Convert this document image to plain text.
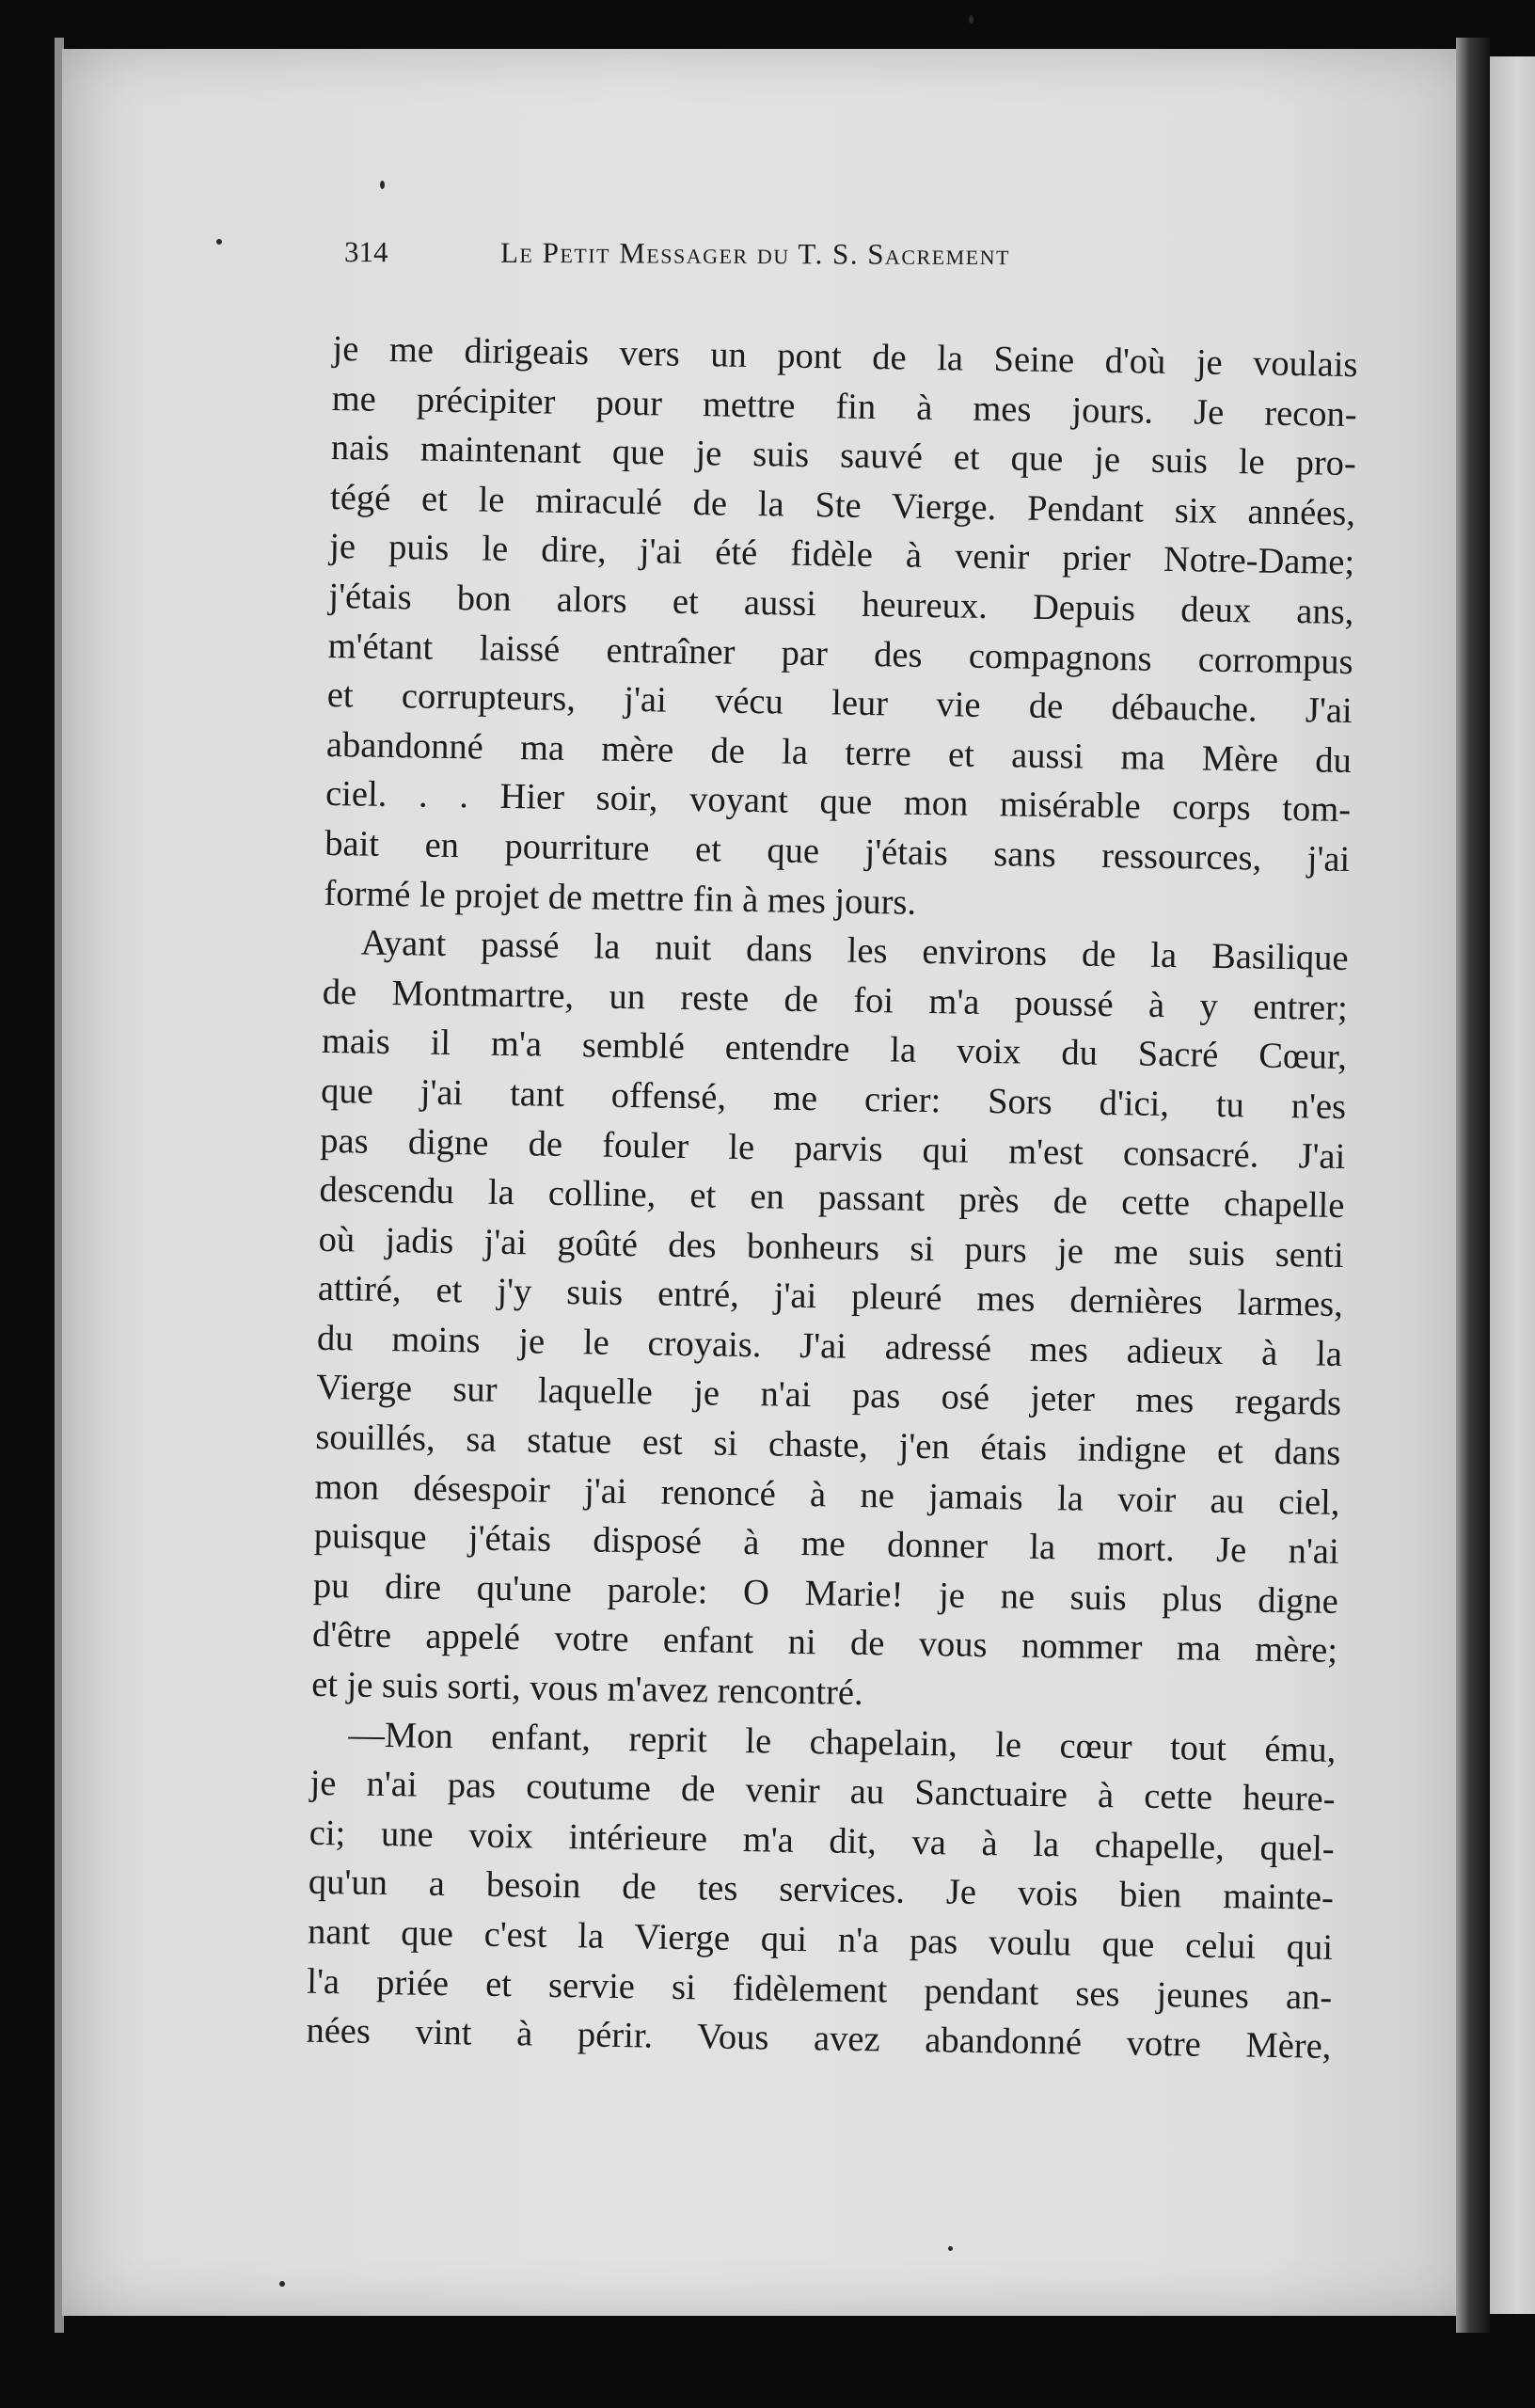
314	Le Petit Messager du T. S. Sacrement
je me dirigeais vers un pont de la Seine d'où je voulais
me précipiter pour mettre fin à mes jours. Je recon-
nais maintenant que je suis sauvé et que je suis le pro-
tégé et le miraculé de la Ste Vierge. Pendant six années,
je puis le dire, j'ai été fidèle à venir prier Notre-Dame;
j'étais bon alors et aussi heureux. Depuis deux ans,
m'étant laissé entraîner par des compagnons corrompus
et corrupteurs, j'ai vécu leur vie de débauche. J'ai
abandonné ma mère de la terre et aussi ma Mère du
ciel. . . Hier soir, voyant que mon misérable corps tom-
bait en pourriture et que j'étais sans ressources, j'ai
formé le projet de mettre fin à mes jours.
Ayant passé la nuit dans les environs de la Basilique
de Montmartre, un reste de foi m'a poussé à y entrer;
mais il m'a semblé entendre la voix du Sacré Cœur,
que j'ai tant offensé, me crier: Sors d'ici, tu n'es
pas digne de fouler le parvis qui m'est consacré. J'ai
descendu la colline, et en passant près de cette chapelle
où jadis j'ai goûté des bonheurs si purs je me suis senti
attiré, et j'y suis entré, j'ai pleuré mes dernières larmes,
du moins je le croyais. J'ai adressé mes adieux à la
Vierge sur laquelle je n'ai pas osé jeter mes regards
souillés, sa statue est si chaste, j'en étais indigne et dans
mon désespoir j'ai renoncé à ne jamais la voir au ciel,
puisque j'étais disposé à me donner la mort. Je n'ai
pu dire qu'une parole: O Marie! je ne suis plus digne
d'être appelé votre enfant ni de vous nommer ma mère;
et je suis sorti, vous m'avez rencontré.
—Mon enfant, reprit le chapelain, le cœur tout ému,
je n'ai pas coutume de venir au Sanctuaire à cette heure-
ci; une voix intérieure m'a dit, va à la chapelle, quel-
qu'un a besoin de tes services. Je vois bien mainte-
nant que c'est la Vierge qui n'a pas voulu que celui qui
l'a priée et servie si fidèlement pendant ses jeunes an-
nées vint à périr. Vous avez abandonné votre Mère,
